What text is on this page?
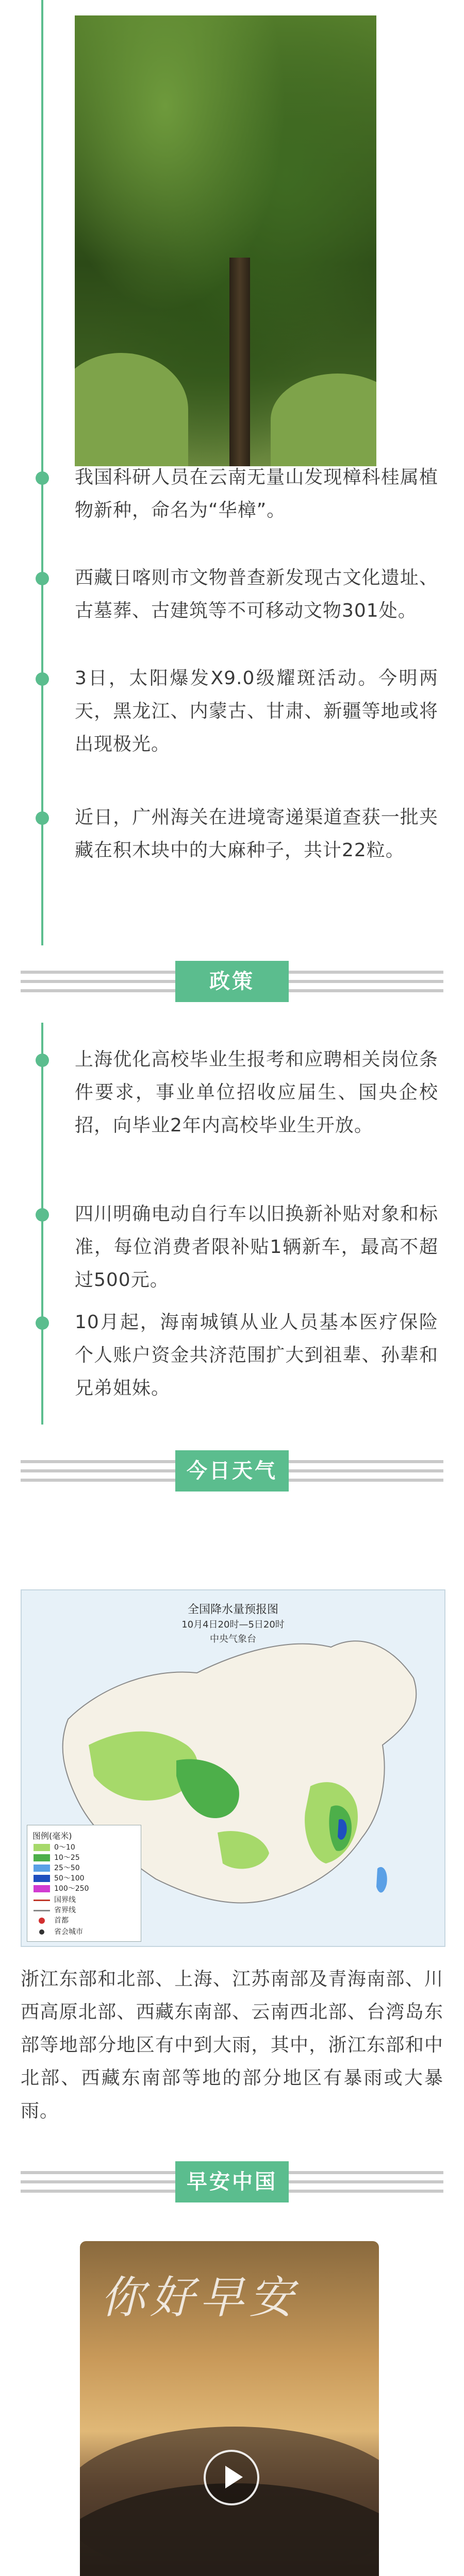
我国科研人员在云南无量山发现樟科桂属植物新种，命名为“华樟”。
西藏日喀则市文物普查新发现古文化遗址、古墓葬、古建筑等不可移动文物301处。
3日，太阳爆发X9.0级耀斑活动。今明两天，黑龙江、内蒙古、甘肃、新疆等地或将出现极光。
近日，广州海关在进境寄递渠道查获一批夹藏在积木块中的大麻种子，共计22粒。
政策
上海优化高校毕业生报考和应聘相关岗位条件要求，事业单位招收应届生、国央企校招，向毕业2年内高校毕业生开放。
四川明确电动自行车以旧换新补贴对象和标准，每位消费者限补贴1辆新车，最高不超过500元。
10月起，海南城镇从业人员基本医疗保险个人账户资金共济范围扩大到祖辈、孙辈和兄弟姐妹。
今日天气
全国降水量预报图
10月4日20时—5日20时
中央气象台
图例(毫米)
0～10
10～25
25～50
50～100
100～250
国界线
省界线
首都
省会城市
浙江东部和北部、上海、江苏南部及青海南部、川西高原北部、西藏东南部、云南西北部、台湾岛东部等地部分地区有中到大雨，其中，浙江东部和中北部、西藏东南部等地的部分地区有暴雨或大暴雨。
早安中国
你好早安
